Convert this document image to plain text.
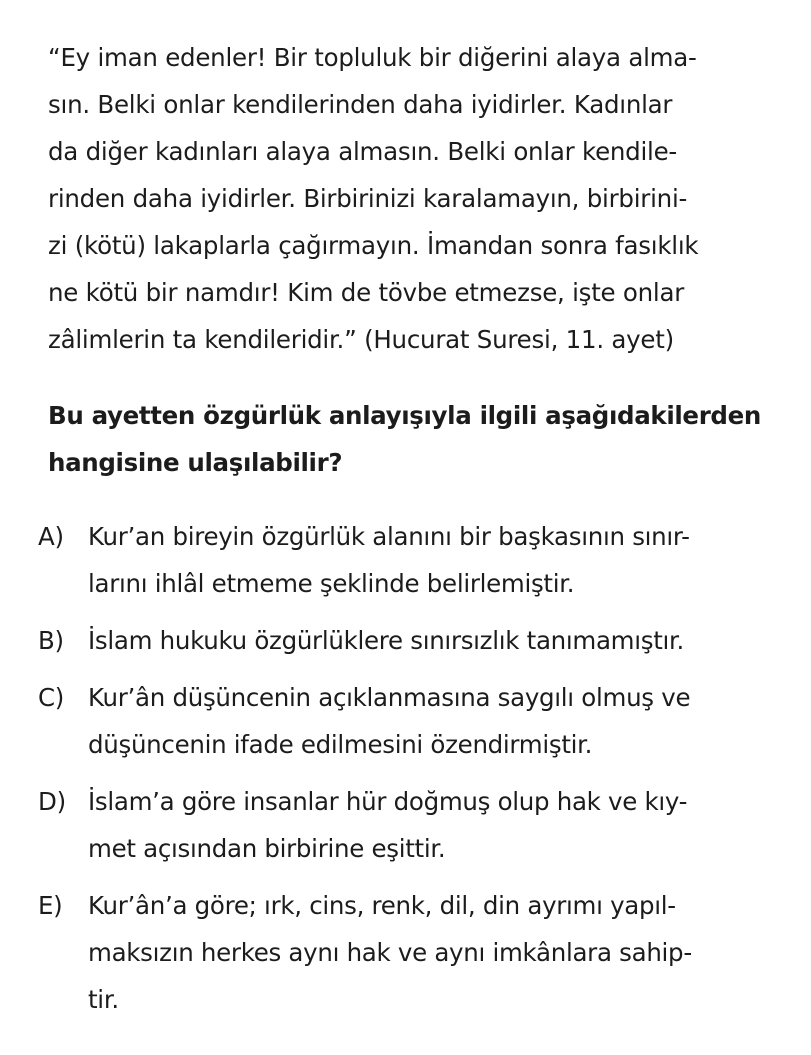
“Ey iman edenler! Bir topluluk bir diğerini alaya alma-
sın. Belki onlar kendilerinden daha iyidirler. Kadınlar
da diğer kadınları alaya almasın. Belki onlar kendile-
rinden daha iyidirler. Birbirinizi karalamayın, birbirini-
zi (kötü) lakaplarla çağırmayın. İmandan sonra fasıklık
ne kötü bir namdır! Kim de tövbe etmezse, işte onlar
zâlimlerin ta kendileridir.” (Hucurat Suresi, 11. ayet)

Bu ayetten özgürlük anlayışıyla ilgili aşağıdakilerden
hangisine ulaşılabilir?

A) Kur’an bireyin özgürlük alanını bir başkasının sınır-
larını ihlâl etmeme şeklinde belirlemiştir.
B) İslam hukuku özgürlüklere sınırsızlık tanımamıştır.
C) Kur’ân düşüncenin açıklanmasına saygılı olmuş ve
düşüncenin ifade edilmesini özendirmiştir.
D) İslam’a göre insanlar hür doğmuş olup hak ve kıy-
met açısından birbirine eşittir.
E)	Kur’ân’a göre; ırk, cins, renk, dil, din ayrımı yapıl-
maksızın herkes aynı hak ve aynı imkânlara sahip-
tir.
